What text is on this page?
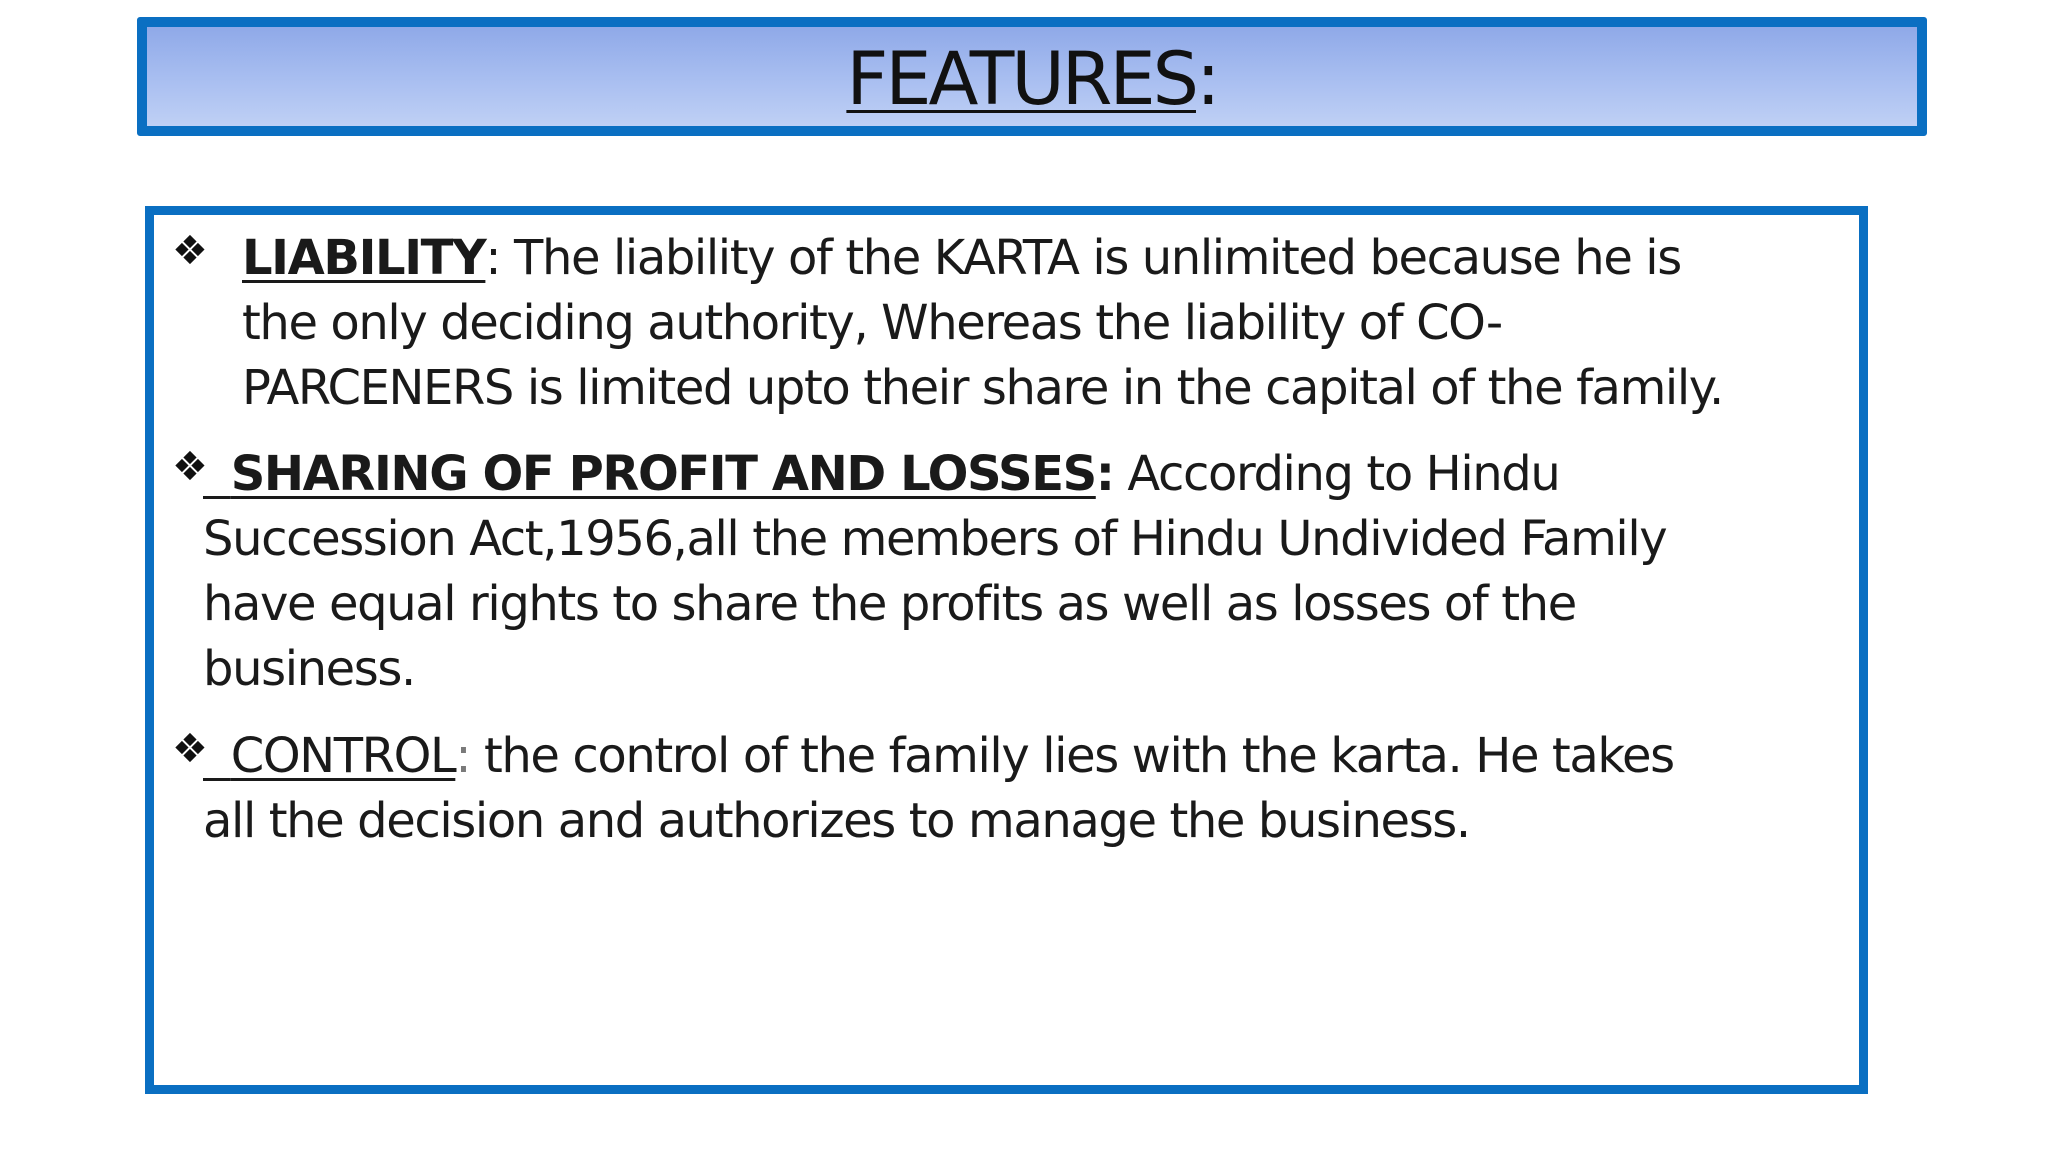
FEATURES:
❖ LIABILITY: The liability of the KARTA is unlimited because he is
the only deciding authority, Whereas the liability of CO-
PARCENERS is limited upto their share in the capital of the family.
❖ SHARING OF PROFIT AND LOSSES: According to Hindu
Succession Act,1956,all the members of Hindu Undivided Family
have equal rights to share the profits as well as losses of the
business.
❖ CONTROL: the control of the family lies with the karta. He takes
all the decision and authorizes to manage the business.
